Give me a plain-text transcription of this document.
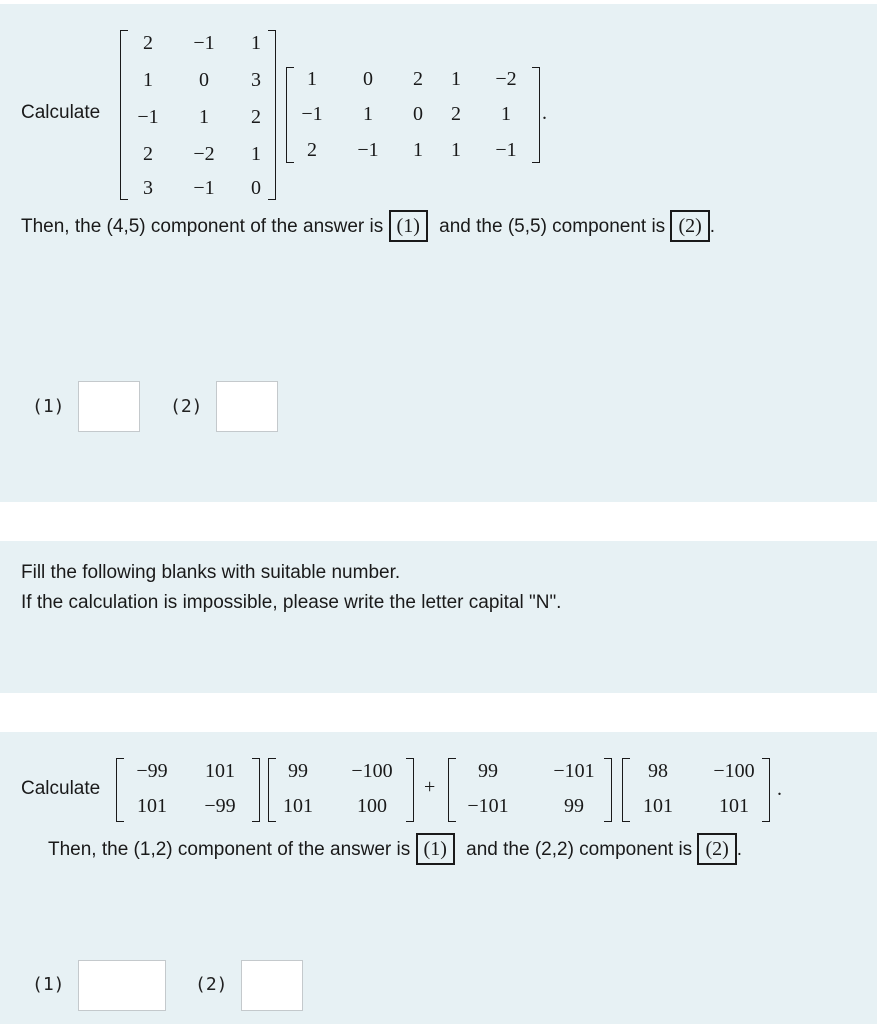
Calculate
2	−1	1
1	0	3
−1	1	2
2	−2	1
3	−1	0
1	0	2	1	−2
−1	1	0	2	1
2	−1	1	1	−1
.
Then, the (4,5) component of the answer is (1) and the (5,5) component is (2) .
(1)	(2)
Fill the following blanks with suitable number.
If the calculation is impossible, please write the letter capital "N".
Calculate
−99	101
101	−99
99	−100
101	100
+
99	−101
−101	99
98	−100
101	101
.
Then, the (1,2) component of the answer is (1) and the (2,2) component is (2) .
(1)	(2)
